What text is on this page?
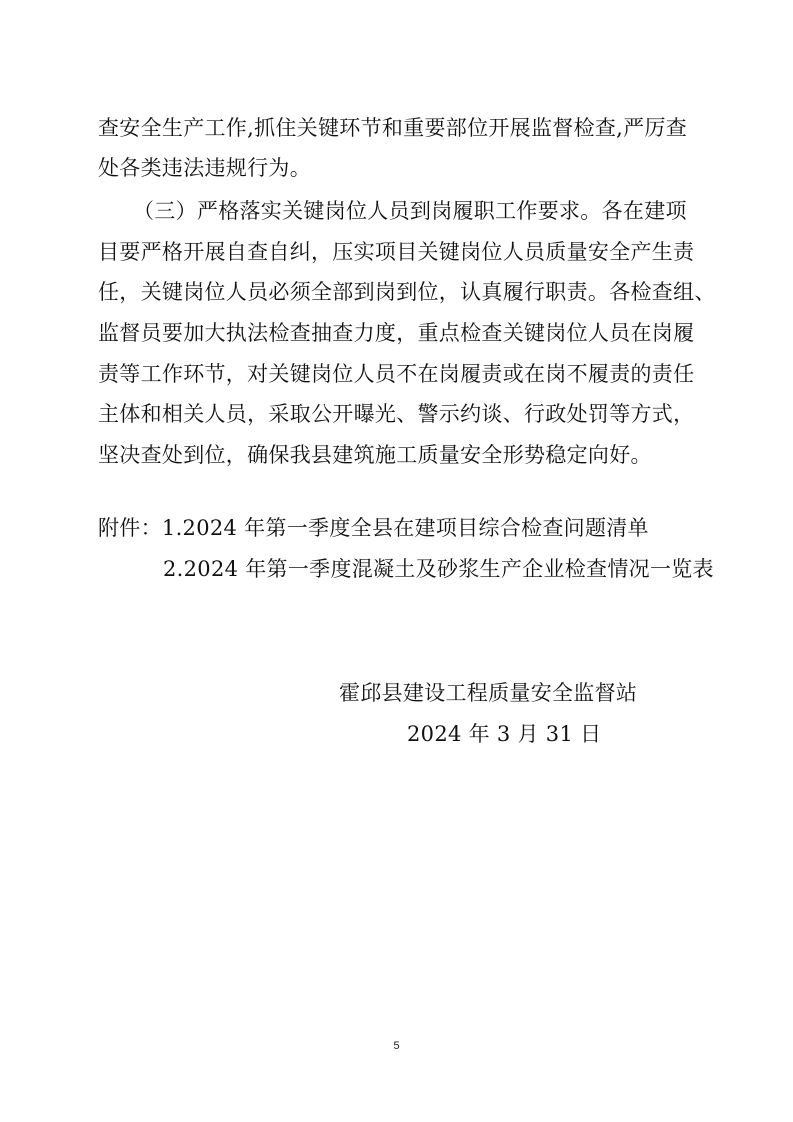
查安全生产工作,抓住关键环节和重要部位开展监督检查,严厉查
处各类违法违规行为。
（三）严格落实关键岗位人员到岗履职工作要求。各在建项
目要严格开展自查自纠，压实项目关键岗位人员质量安全产生责
任，关键岗位人员必须全部到岗到位，认真履行职责。各检查组、
监督员要加大执法检查抽查力度，重点检查关键岗位人员在岗履
责等工作环节，对关键岗位人员不在岗履责或在岗不履责的责任
主体和相关人员，采取公开曝光、警示约谈、行政处罚等方式，
坚决查处到位，确保我县建筑施工质量安全形势稳定向好。
附件：1.2024 年第一季度全县在建项目综合检查问题清单
2.2024 年第一季度混凝土及砂浆生产企业检查情况一览表
霍邱县建设工程质量安全监督站
2024 年 3 月 31 日
5
